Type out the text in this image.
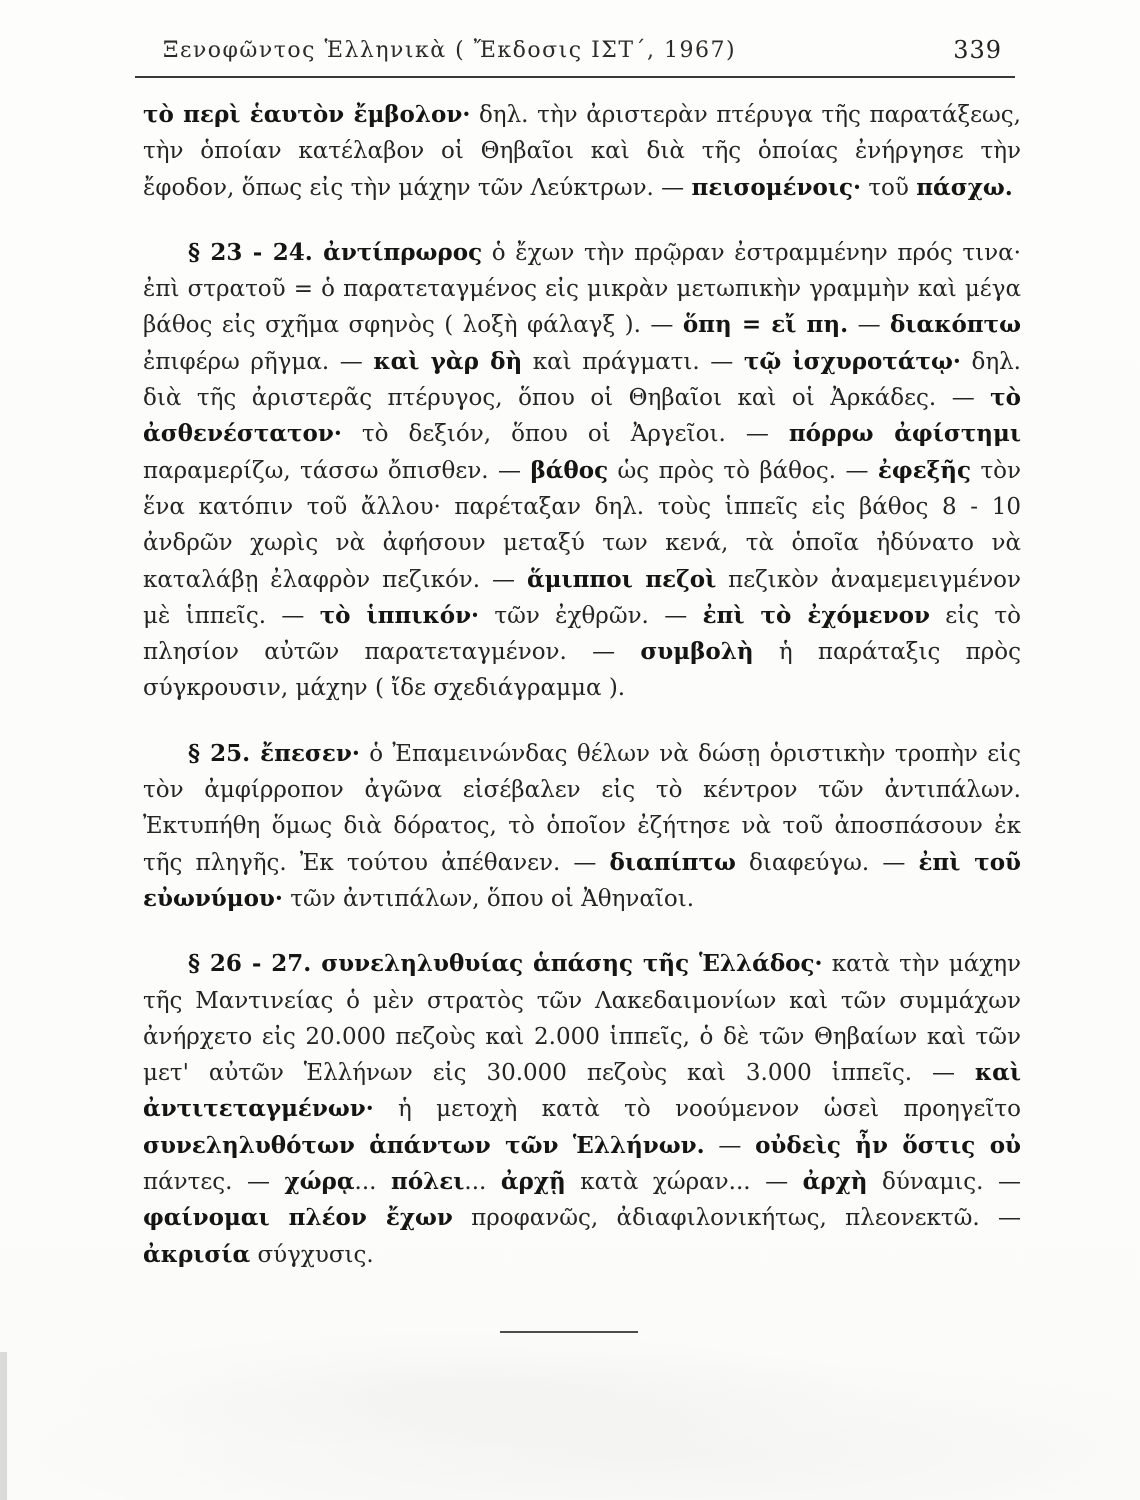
Ξενοφῶντος Ἑλληνικὰ ( Ἔκδοσις ΙΣΤ΄, 1967)	339

τὸ περὶ ἑαυτὸν ἔμβολον· δηλ. τὴν ἀριστερὰν πτέρυγα τῆς παρατάξεως, τὴν ὁποίαν κατέλαβον οἱ Θηβαῖοι καὶ διὰ τῆς ὁποίας ἐνήργησε τὴν ἔφοδον, ὅπως εἰς τὴν μάχην τῶν Λεύκτρων. — πεισομένοις· τοῦ πάσχω.

§ 23 - 24. ἀντίπρωρος ὁ ἔχων τὴν πρῷραν ἐστραμμένην πρός τινα· ἐπὶ στρατοῦ = ὁ παρατεταγμένος εἰς μικρὰν μετωπικὴν γραμμὴν καὶ μέγα βάθος εἰς σχῆμα σφηνὸς ( λοξὴ φάλαγξ ). — ὅπη = εἴ πη. — διακόπτω ἐπιφέρω ρῆγμα. — καὶ γὰρ δὴ καὶ πράγματι. — τῷ ἰσχυροτάτῳ· δηλ. διὰ τῆς ἀριστερᾶς πτέρυγος, ὅπου οἱ Θηβαῖοι καὶ οἱ Ἀρκάδες. — τὸ ἀσθενέστατον· τὸ δεξιόν, ὅπου οἱ Ἀργεῖοι. — πόρρω ἀφίστημι παραμερίζω, τάσσω ὄπισθεν. — βάθος ὡς πρὸς τὸ βάθος. — ἐφεξῆς τὸν ἕνα κατόπιν τοῦ ἄλλου· παρέταξαν δηλ. τοὺς ἱππεῖς εἰς βάθος 8 - 10 ἀνδρῶν χωρὶς νὰ ἀφήσουν μεταξύ των κενά, τὰ ὁποῖα ἠδύνατο νὰ καταλάβῃ ἐλαφρὸν πεζικόν. — ἅμιπποι πεζοὶ πεζικὸν ἀναμεμειγμένον μὲ ἱππεῖς. — τὸ ἱππικόν· τῶν ἐχθρῶν. — ἐπὶ τὸ ἐχόμενον εἰς τὸ πλησίον αὐτῶν παρατεταγμένον. — συμβολὴ ἡ παράταξις πρὸς σύγκρουσιν, μάχην ( ἴδε σχεδιάγραμμα ).

§ 25. ἔπεσεν· ὁ Ἐπαμεινώνδας θέλων νὰ δώσῃ ὁριστικὴν τροπὴν εἰς τὸν ἀμφίρροπον ἀγῶνα εἰσέβαλεν εἰς τὸ κέντρον τῶν ἀντιπάλων. Ἐκτυπήθη ὅμως διὰ δόρατος, τὸ ὁποῖον ἐζήτησε νὰ τοῦ ἀποσπάσουν ἐκ τῆς πληγῆς. Ἐκ τούτου ἀπέθανεν. — διαπίπτω διαφεύγω. — ἐπὶ τοῦ εὐωνύμου· τῶν ἀντιπάλων, ὅπου οἱ Ἀθηναῖοι.

§ 26 - 27. συνεληλυθυίας ἁπάσης τῆς Ἑλλάδος· κατὰ τὴν μάχην τῆς Μαντινείας ὁ μὲν στρατὸς τῶν Λακεδαιμονίων καὶ τῶν συμμάχων ἀνήρχετο εἰς 20.000 πεζοὺς καὶ 2.000 ἱππεῖς, ὁ δὲ τῶν Θηβαίων καὶ τῶν μετ' αὐτῶν Ἑλλήνων εἰς 30.000 πεζοὺς καὶ 3.000 ἱππεῖς. — καὶ ἀντιτεταγμένων· ἡ μετοχὴ κατὰ τὸ νοούμενον ὡσεὶ προηγεῖτο συνεληλυθότων ἁπάντων τῶν Ἑλλήνων. — οὐδεὶς ἦν ὅστις οὐ πάντες. — χώρᾳ... πόλει... ἀρχῇ κατὰ χώραν... — ἀρχὴ δύναμις. — φαίνομαι πλέον ἔχων προφανῶς, ἀδιαφιλονικήτως, πλεονεκτῶ. — ἀκρισία σύγχυσις.
